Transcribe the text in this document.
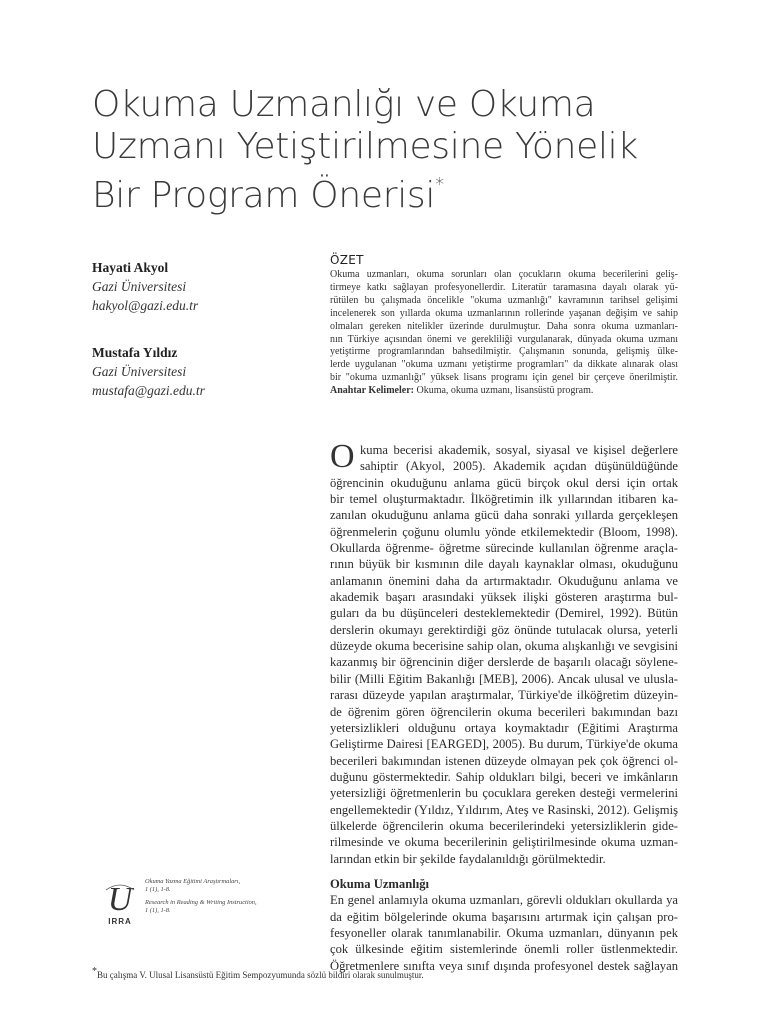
Okuma Uzmanlığı ve Okuma
Uzmanı Yetiştirilmesine Yönelik
Bir Program Önerisi*
Hayati Akyol
Gazi Üniversitesi
hakyol@gazi.edu.tr
Mustafa Yıldız
Gazi Üniversitesi
mustafa@gazi.edu.tr
ÖZET
Okuma uzmanları, okuma sorunları olan çocukların okuma becerilerini geliş-
tirmeye katkı sağlayan profesyonellerdir. Literatür taramasına dayalı olarak yü-
rütülen bu çalışmada öncelikle "okuma uzmanlığı" kavramının tarihsel gelişimi
incelenerek son yıllarda okuma uzmanlarının rollerinde yaşanan değişim ve sahip
olmaları gereken nitelikler üzerinde durulmuştur. Daha sonra okuma uzmanları-
nın Türkiye açısından önemi ve gerekliliği vurgulanarak, dünyada okuma uzmanı
yetiştirme programlarından bahsedilmiştir. Çalışmanın sonunda, gelişmiş ülke-
lerde uygulanan "okuma uzmanı yetiştirme programları" da dikkate alınarak olası
bir "okuma uzmanlığı" yüksek lisans programı için genel bir çerçeve önerilmiştir.
Anahtar Kelimeler: Okuma, okuma uzmanı, lisansüstü program.
O kuma becerisi akademik, sosyal, siyasal ve kişisel değerlere
sahiptir (Akyol, 2005). Akademik açıdan düşünüldüğünde
öğrencinin okuduğunu anlama gücü birçok okul dersi için ortak
bir temel oluşturmaktadır. İlköğretimin ilk yıllarından itibaren ka-
zanılan okuduğunu anlama gücü daha sonraki yıllarda gerçekleşen
öğrenmelerin çoğunu olumlu yönde etkilemektedir (Bloom, 1998).
Okullarda öğrenme- öğretme sürecinde kullanılan öğrenme araçla-
rının büyük bir kısmının dile dayalı kaynaklar olması, okuduğunu
anlamanın önemini daha da artırmaktadır. Okuduğunu anlama ve
akademik başarı arasındaki yüksek ilişki gösteren araştırma bul-
guları da bu düşünceleri desteklemektedir (Demirel, 1992). Bütün
derslerin okumayı gerektirdiği göz önünde tutulacak olursa, yeterli
düzeyde okuma becerisine sahip olan, okuma alışkanlığı ve sevgisini
kazanmış bir öğrencinin diğer derslerde de başarılı olacağı söylene-
bilir (Milli Eğitim Bakanlığı [MEB], 2006). Ancak ulusal ve ulusla-
rarası düzeyde yapılan araştırmalar, Türkiye'de ilköğretim düzeyin-
de öğrenim gören öğrencilerin okuma becerileri bakımından bazı
yetersizlikleri olduğunu ortaya koymaktadır (Eğitimi Araştırma
Geliştirme Dairesi [EARGED], 2005). Bu durum, Türkiye'de okuma
becerileri bakımından istenen düzeyde olmayan pek çok öğrenci ol-
duğunu göstermektedir. Sahip oldukları bilgi, beceri ve imkânların
yetersizliği öğretmenlerin bu çocuklara gereken desteği vermelerini
engellemektedir (Yıldız, Yıldırım, Ateş ve Rasinski, 2012). Gelişmiş
ülkelerde öğrencilerin okuma becerilerindeki yetersizliklerin gide-
rilmesinde ve okuma becerilerinin geliştirilmesinde okuma uzman-
larından etkin bir şekilde faydalanıldığı görülmektedir.
Okuma Uzmanlığı
En genel anlamıyla okuma uzmanları, görevli oldukları okullarda ya
da eğitim bölgelerinde okuma başarısını artırmak için çalışan pro-
fesyoneller olarak tanımlanabilir. Okuma uzmanları, dünyanın pek
çok ülkesinde eğitim sistemlerinde önemli roller üstlenmektedir.
Öğretmenlere sınıfta veya sınıf dışında profesyonel destek sağlayan
U
IRRA
Okuma Yazma Eğitimi Araştırmaları,
1 (1), 1-8.
Research in Reading & Writing Instruction,
1 (1), 1-8.
*Bu çalışma V. Ulusal Lisansüstü Eğitim Sempozyumunda sözlü bildiri olarak sunulmuştur.
